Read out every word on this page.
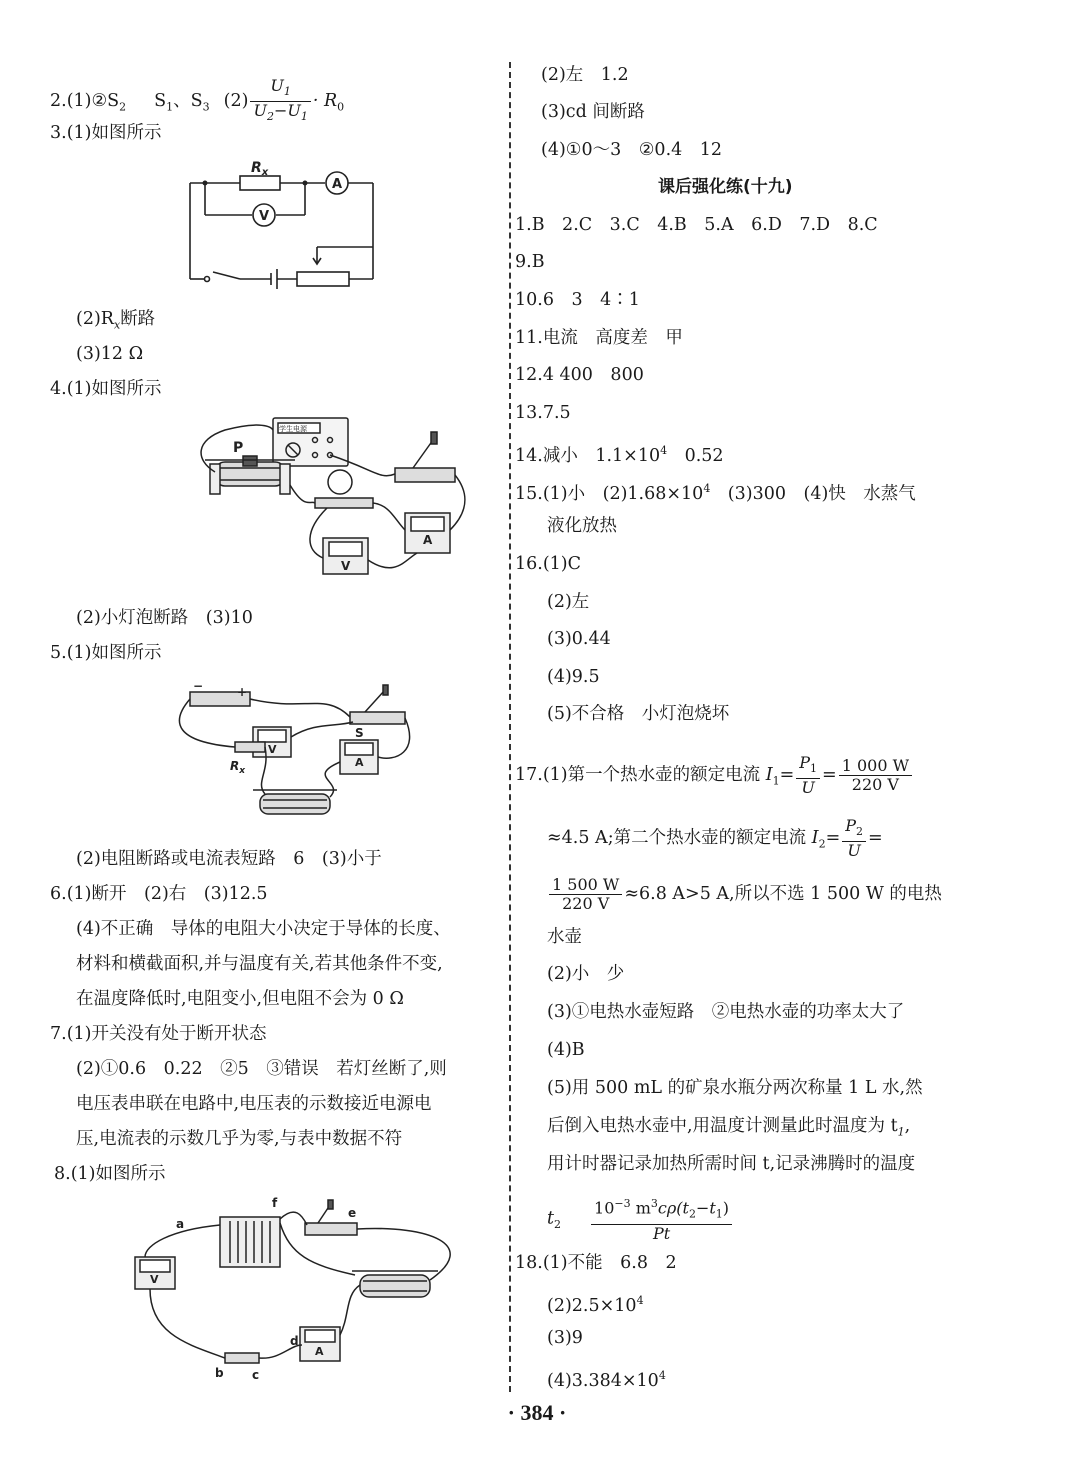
$2.(1)②S_2$ $S_1$、$S_3$ $(2) \frac{U_1}{U_2-U_1} \cdot R_0$
3.(1)如图所示
$R_x$
A
V
$(2)R_x$断路
(3)12 Ω
4.(1)如图所示
P
学生电源
V
A
(2)小灯泡断路　(3)10
5.(1)如图所示
+
−
S
$R_x$
V
A
(2)电阻断路或电流表短路　6　(3)小于
6.(1)断开　(2)右　(3)12.5
(4)不正确　导体的电阻大小决定于导体的长度、
材料和横截面积,并与温度有关,若其他条件不变,
在温度降低时,电阻变小,但电阻不会为 0 Ω
7.(1)开关没有处于断开状态
(2)①0.6　0.22　②5　③错误　若灯丝断了,则
电压表串联在电路中,电压表的示数接近电源电
压,电流表的示数几乎为零,与表中数据不符
8.(1)如图所示
a
b c
d
e
f
V
A
(2)左　1.2
(3)cd 间断路
(4)①0～3　②0.4　12
课后强化练(十九)
1.B　2.C　3.C　4.B　5.A　6.D　7.D　8.C
9.B
10.6　3　4∶1
11.电流　高度差　甲
12.4 400　800
13.7.5
14.减小　$1.1\times 10^4$　0.52
15.(1)小　$(2)1.68\times 10^4$　(3)300　(4)快　水蒸气
液化放热
16.(1)C
(2)左
(3)0.44
(4)9.5
(5)不合格　小灯泡烧坏
17.(1)第一个热水壶的额定电流 $I_1= \frac{P_1}{U} = \frac{1 000 W}{220 V}$
≈4.5 A;第二个热水壶的额定电流 $I_2= \frac{P_2}{U}$ =
$\frac{1 500 W}{220 V} \approx 6.8$ A>5 A,所以不选 1 500 W 的电热
水壶
(2)小　少
(3)①电热水壶短路　②电热水壶的功率太大了
(4)B
(5)用 500 mL 的矿泉水瓶分两次称量 1 L 水,然
后倒入电热水壶中,用温度计测量此时温度为 $t_1$,
用计时器记录加热所需时间 t,记录沸腾时的温度
$t_2 \frac{10^{-3} m^3c\rho(t_2-t_1)}{Pt}$
18.(1)不能　6.8　2
$(2)2.5\times 10^4$
(3)9
$(4)3.384\times 10^4$
· 384 ·
